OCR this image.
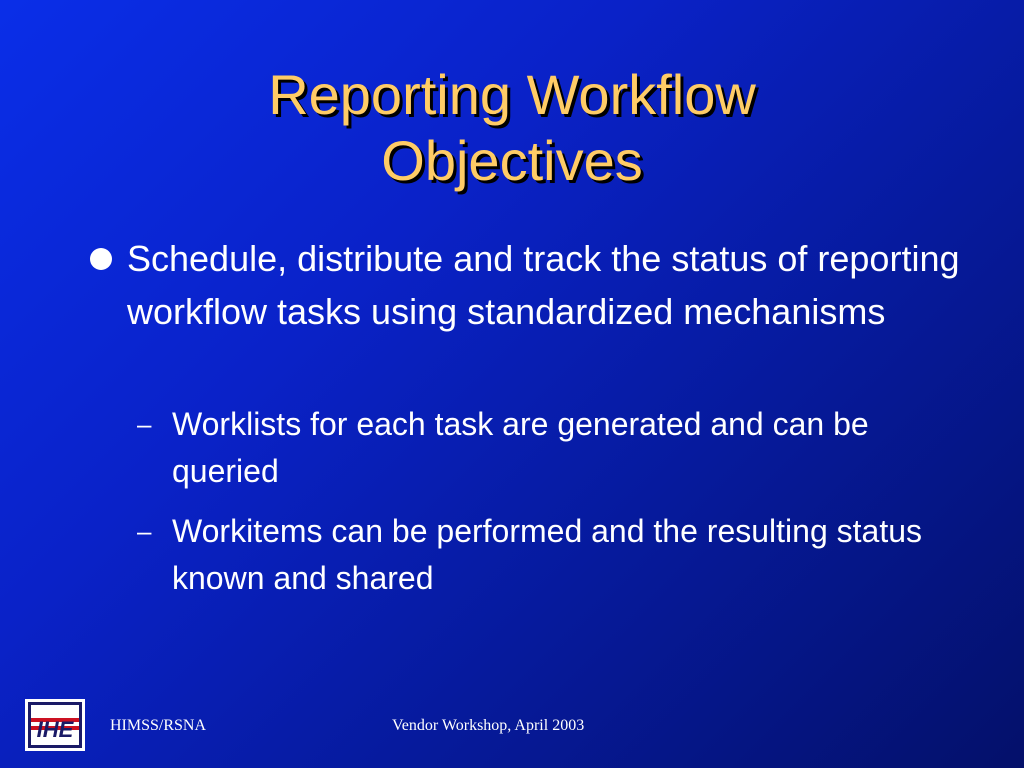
Reporting Workflow
Objectives
Schedule, distribute and track the status of reporting workflow tasks using standardized mechanisms
– Worklists for each task are generated and can be queried
– Workitems can be performed and the resulting status known and shared
IHE HIMSS/RSNA	Vendor Workshop, April 2003
